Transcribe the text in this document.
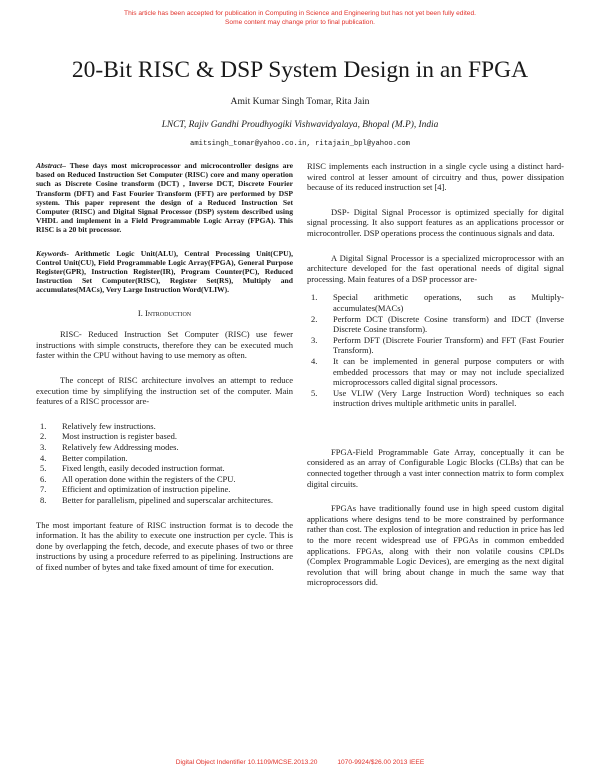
This article has been accepted for publication in Computing in Science and Engineering but has not yet been fully edited.
Some content may change prior to final publication.
20-Bit RISC & DSP System Design in an FPGA
Amit Kumar Singh Tomar, Rita Jain
LNCT, Rajiv Gandhi Proudhyogiki Vishwavidyalaya, Bhopal (M.P), India
amitsingh_tomar@yahoo.co.in, ritajain_bpl@yahoo.com

Abstract– These days most microprocessor and microcontroller designs are based on Reduced Instruction Set Computer (RISC) core and many operation such as Discrete Cosine transform (DCT) , Inverse DCT, Discrete Fourier Transform (DFT) and Fast Fourier Transform (FFT) are performed by DSP system. This paper represent the design of a Reduced Instruction Set Computer (RISC) and Digital Signal Processor (DSP) system described using VHDL and implement in a Field Programmable Logic Array (FPGA). This RISC is a 20 bit processor.

Keywords- Arithmetic Logic Unit(ALU), Central Processing Unit(CPU), Control Unit(CU), Field Programmable Logic Array(FPGA), General Purpose Register(GPR), Instruction Register(IR), Program Counter(PC), Reduced Instruction Set Computer(RISC), Register Set(RS), Multiply and accumulates(MACs), Very Large Instruction Word(VLIW).

I. Introduction

RISC- Reduced Instruction Set Computer (RISC) use fewer instructions with simple constructs, therefore they can be executed much faster within the CPU without having to use memory as often.

The concept of RISC architecture involves an attempt to reduce execution time by simplifying the instruction set of the computer. Main features of a RISC processor are-

1.	Relatively few instructions.
2.	Most instruction is register based.
3.	Relatively few Addressing modes.
4.	Better compilation.
5.	Fixed length, easily decoded instruction format.
6.	All operation done within the registers of the CPU.
7.	Efficient and optimization of instruction pipeline.
8.	Better for parallelism, pipelined and superscalar architectures.

The most important feature of RISC instruction format is to decode the information. It has the ability to execute one instruction per cycle. This is done by overlapping the fetch, decode, and execute phases of two or three instructions by using a procedure referred to as pipelining. Instructions are of fixed number of bytes and take fixed amount of time for execution.

RISC implements each instruction in a single cycle using a distinct hard-wired control at lesser amount of circuitry and thus, power dissipation because of its reduced instruction set [4].

DSP- Digital Signal Processor is optimized specially for digital signal processing. It also support features as an applications processor or microcontroller. DSP operations process the continuous signals and data.

A Digital Signal Processor is a specialized microprocessor with an architecture developed for the fast operational needs of digital signal processing. Main features of a DSP processor are-

1.	Special arithmetic operations, such as Multiply-accumulates(MACs)
2.	Perform DCT (Discrete Cosine transform) and IDCT (Inverse Discrete Cosine transform).
3.	Perform DFT (Discrete Fourier Transform) and FFT (Fast Fourier Transform).
4.	It can be implemented in general purpose computers or with embedded processors that may or may not include specialized microprocessors called digital signal processors.
5.	Use VLIW (Very Large Instruction Word) techniques so each instruction drives multiple arithmetic units in parallel.

FPGA-Field Programmable Gate Array, conceptually it can be considered as an array of Configurable Logic Blocks (CLBs) that can be connected together through a vast inter connection matrix to form complex digital circuits.

FPGAs have traditionally found use in high speed custom digital applications where designs tend to be more constrained by performance rather than cost. The explosion of integration and reduction in price has led to the more recent widespread use of FPGAs in common embedded applications. FPGAs, along with their non volatile cousins CPLDs (Complex Programmable Logic Devices), are emerging as the next digital revolution that will bring about change in much the same way that microprocessors did.

Digital Object Indentifier 10.1109/MCSE.2013.20	1070-9924/$26.00 2013 IEEE
